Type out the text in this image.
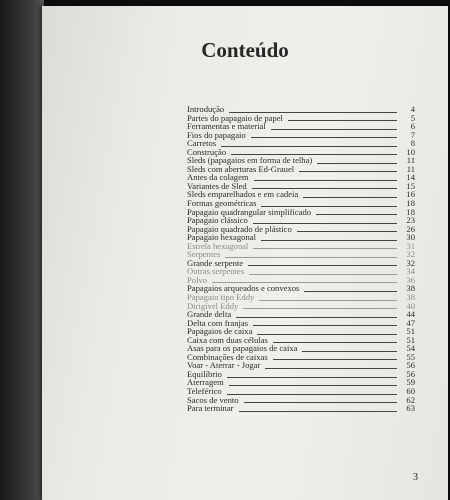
Conteúdo
Introdução	4
Partes do papagaio de papel	5
Ferramentas e material	6
Fios do papagaio	7
Carretos	8
Construção	10
Sleds (papagaios em forma de telha)	11
Sleds com aberturas Ed-Grauel	11
Antes da colagem	14
Variantes de Sled	15
Sleds emparelhados e em cadeia	16
Formas geométricas	18
Papagaio quadrangular simplificado	18
Papagaio clássico	23
Papagaio quadrado de plástico	26
Papagaio hexagonal	30
Estrela hexagonal	31
Serpentes	32
Grande serpente	32
Outras serpentes	34
Polvo	36
Papagaios arqueados e convexos	38
Papagaio tipo Eddy	38
Dirigível Eddy	40
Grande delta	44
Delta com franjas	47
Papagaios de caixa	51
Caixa com duas células	51
Asas para os papagaios de caixa	54
Combinações de caixas	55
Voar - Aterrar - Jogar	56
Equilíbrio	56
Aterragem	59
Teleférico	60
Sacos de vento	62
Para terminar	63
3
